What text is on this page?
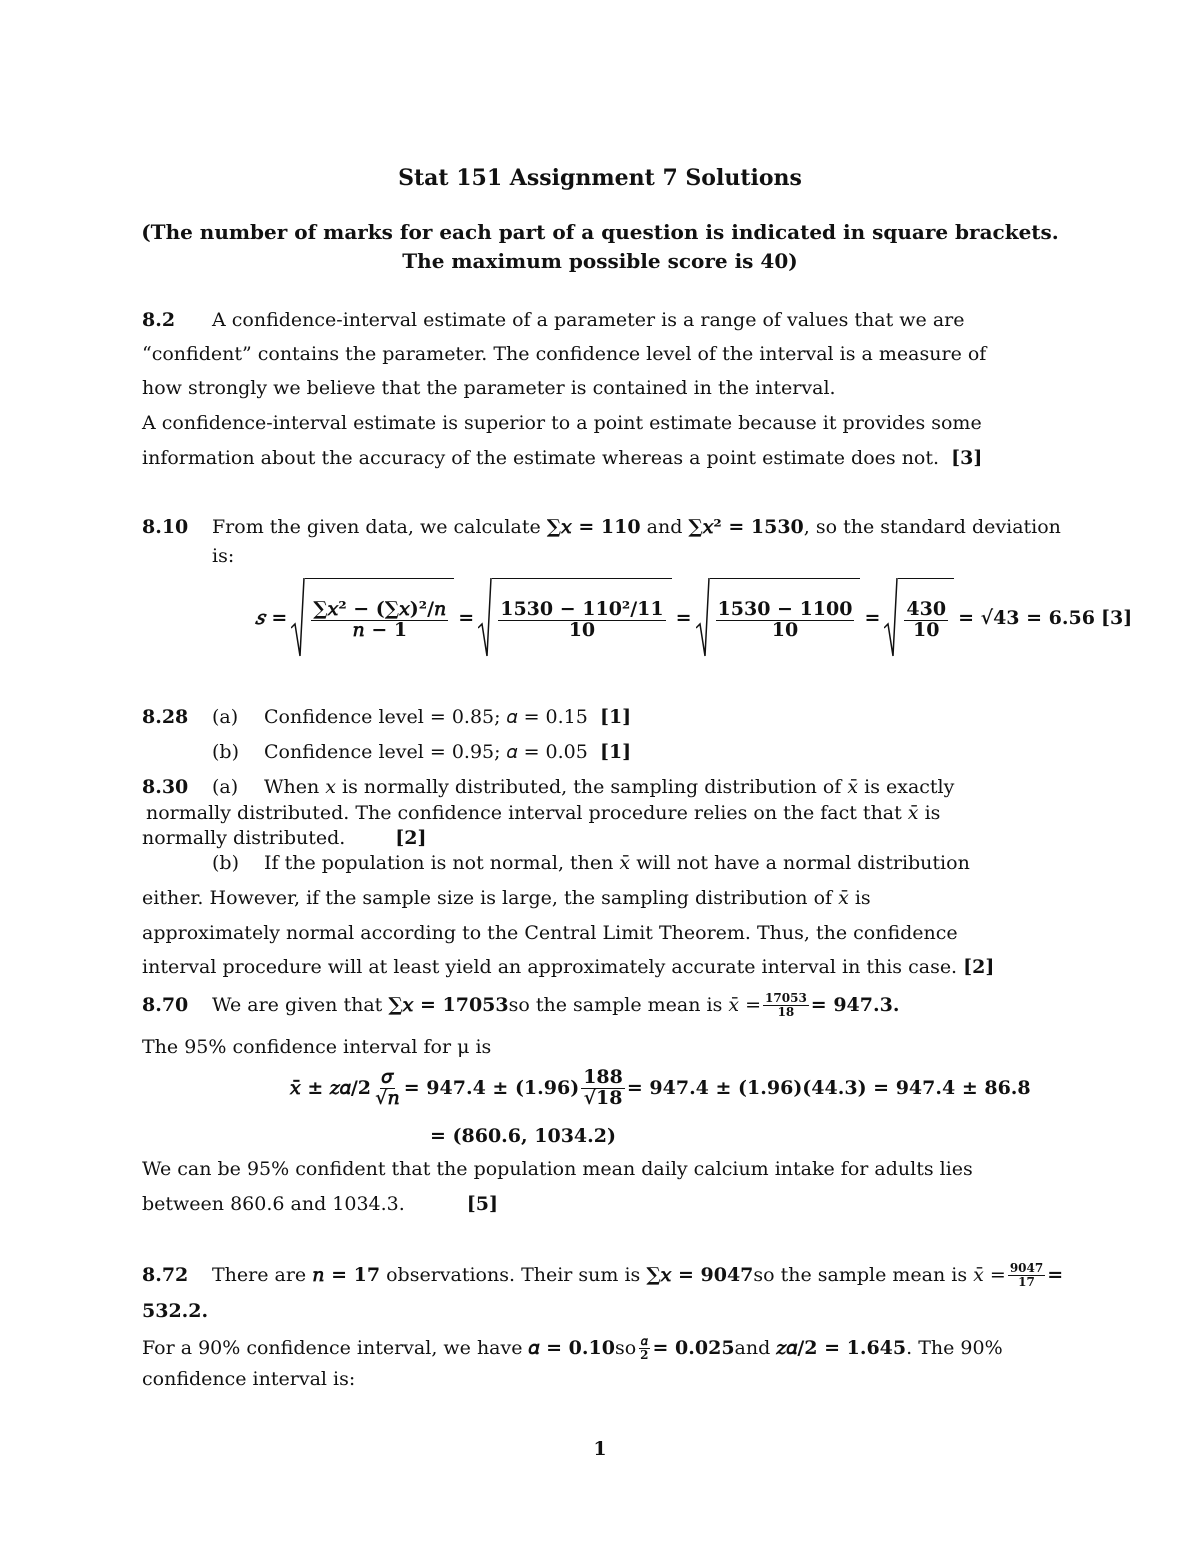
Stat 151 Assignment 7 Solutions
(The number of marks for each part of a question is indicated in square brackets. The maximum possible score is 40)
8.2 A confidence-interval estimate of a parameter is a range of values that we are
“confident” contains the parameter. The confidence level of the interval is a measure of
how strongly we believe that the parameter is contained in the interval.
A confidence-interval estimate is superior to a point estimate because it provides some
information about the accuracy of the estimate whereas a point estimate does not. [3]
8.10 From the given data, we calculate ∑𝑥 = 110 and ∑𝑥² = 1530, so the standard deviation
is:
𝑠 = $\frac{\text{∑𝑥² − (∑𝑥)²/𝑛}}{\text{𝑛 − 1}} = \frac{\text{1530 − 110²/11}}{10} = \frac{1530 - 1100}{10} = \frac{430}{10} = √43 = 6.56$
[3]
8.28 (a) Confidence level = 0.85; 𝛼 = 0.15 [1]
(b) Confidence level = 0.95; 𝛼 = 0.05 [1]
8.30 (a) When 𝑥 is normally distributed, the sampling distribution of 𝑥̄ is exactly
normally distributed. The confidence interval procedure relies on the fact that 𝑥̄ is
normally distributed.	[2]
(b) If the population is not normal, then 𝑥̄ will not have a normal distribution
either. However, if the sample size is large, the sampling distribution of 𝑥̄ is
approximately normal according to the Central Limit Theorem. Thus, the confidence
interval procedure will at least yield an approximately accurate interval in this case. [2]
8.70	We are given that
∑𝑥 = 17053 so the sample mean is 𝑥̄ = $\frac{17053}{18} = 947.3$.
The 95% confidence interval for μ is
𝑥̄ ± 𝑧𝛼/2 $\frac{\text{𝜎}}{\text{√𝑛}} = 947.4 \pm (1.96) \frac{188}{√18} = 947.4 \pm (1.96)(44.3) = 947.4 \pm 86.8$
= (860.6, 1034.2)
We can be 95% confident that the population mean daily calcium intake for adults lies
between 860.6 and 1034.3.	[5]
8.72	There are
𝑛 = 17
observations. Their sum is
∑𝑥 = 9047 so the sample mean is 𝑥̄ = $\frac{9047}{17}$ =
532.2.
For a 90% confidence interval, we have
𝛼 = 0.10 so $\frac{\text{𝛼}}{2} = 0.025$ and
𝑧𝛼/2 = 1.645 . The 90%
confidence interval is:
1
